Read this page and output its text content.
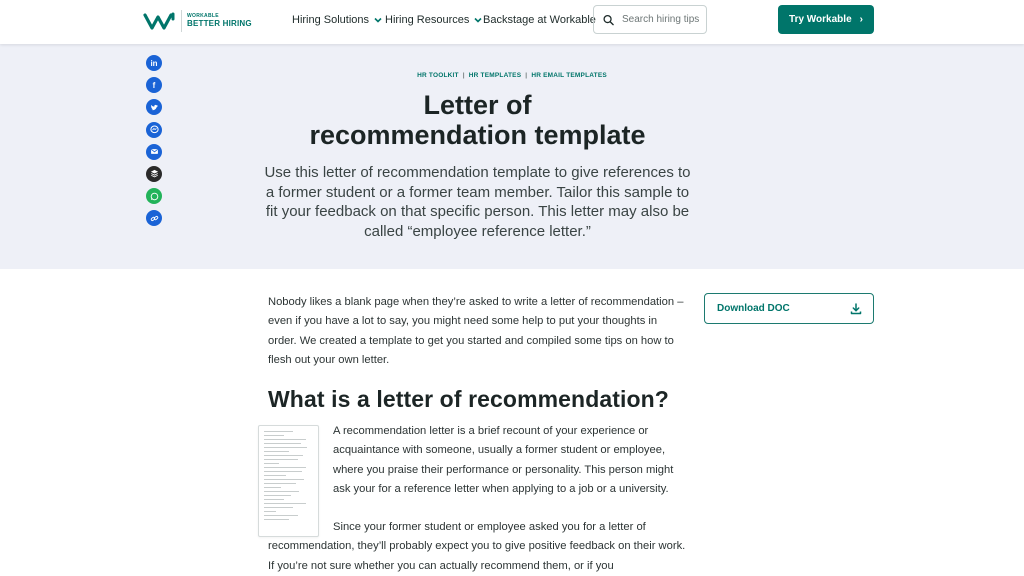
WORKABLE
BETTER HIRING	Hiring Solutions Hiring Resources Backstage at Workable
Search hiring tips	Try Workable ›
HR TOOLKIT | HR TEMPLATES | HR EMAIL TEMPLATES
Letter of
recommendation template

Use this letter of recommendation template to give references to a former student or a former team member. Tailor this sample to fit your feedback on that specific person. This letter may also be called “employee reference letter.”

in
f

Nobody likes a blank page when they’re asked to write a letter of recommendation – even if you have a lot to say, you might need some help to put your thoughts in order. We created a template to get you started and compiled some tips on how to flesh out your own letter.

Download DOC
What is a letter of recommendation?

A recommendation letter is a brief recount of your experience or acquaintance with someone, usually a former student or employee, where you praise their performance or personality. This person might ask your for a reference letter when applying to a job or a university.

Since your former student or employee asked you for a letter of recommendation, they’ll probably expect you to give positive feedback on their work. If you’re not sure whether you can actually recommend them, or if you
